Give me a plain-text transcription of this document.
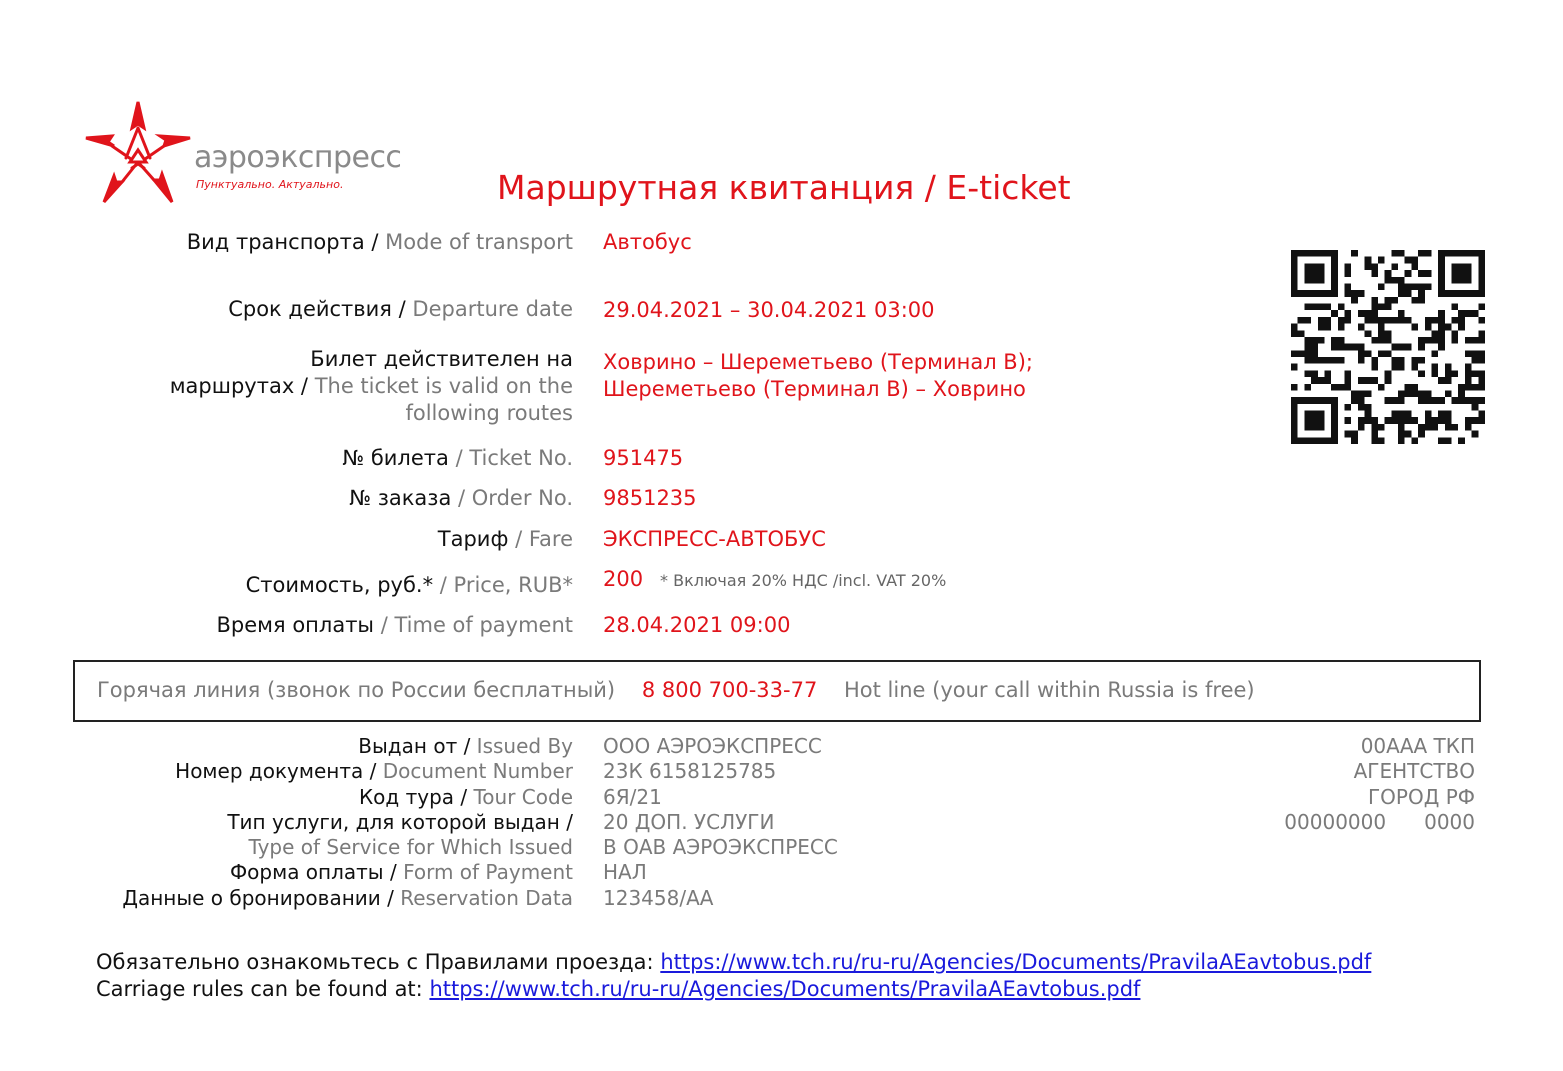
аэроэкспресс
Пунктуально. Актуально.	Маршрутная квитанция / E-ticket
Вид транспорта / Mode of transport Автобус
Срок действия / Departure date 29.04.2021 – 30.04.2021 03:00
Билет действителен на
маршрутах / The ticket is valid on the
following routes
Ховрино – Шереметьево (Терминал В);
Шереметьево (Терминал В) – Ховрино
№ билета / Ticket No. 951475
№ заказа / Order No. 9851235
Тариф / Fare ЭКСПРЕСС-АВТОБУС
Стоимость, руб.* / Price, RUB* 200 * Включая 20% НДС /incl. VAT 20%
Время оплаты / Time of payment 28.04.2021 09:00
Горячая линия (звонок по России бесплатный) 8 800 700-33-77 Hot line (your call within Russia is free)
Выдан от / Issued By ООО АЭРОЭКСПРЕСС
Номер документа / Document Number 23К 6158125785
Код тура / Tour Code 6Я/21
Тип услуги, для которой выдан /
Type of Service for Which Issued
20 ДОП. УСЛУГИ
В ОАВ АЭРОЭКСПРЕСС
Форма оплаты / Form of Payment НАЛ
Данные о бронировании / Reservation Data 123458/АА
00ААА ТКП
АГЕНТСТВО
ГОРОД РФ
00000000 0000
Обязательно ознакомьтесь с Правилами проезда: https://www.tch.ru/ru-ru/Agencies/Documents/PravilaAEavtobus.pdf
Carriage rules can be found at: https://www.tch.ru/ru-ru/Agencies/Documents/PravilaAEavtobus.pdf
